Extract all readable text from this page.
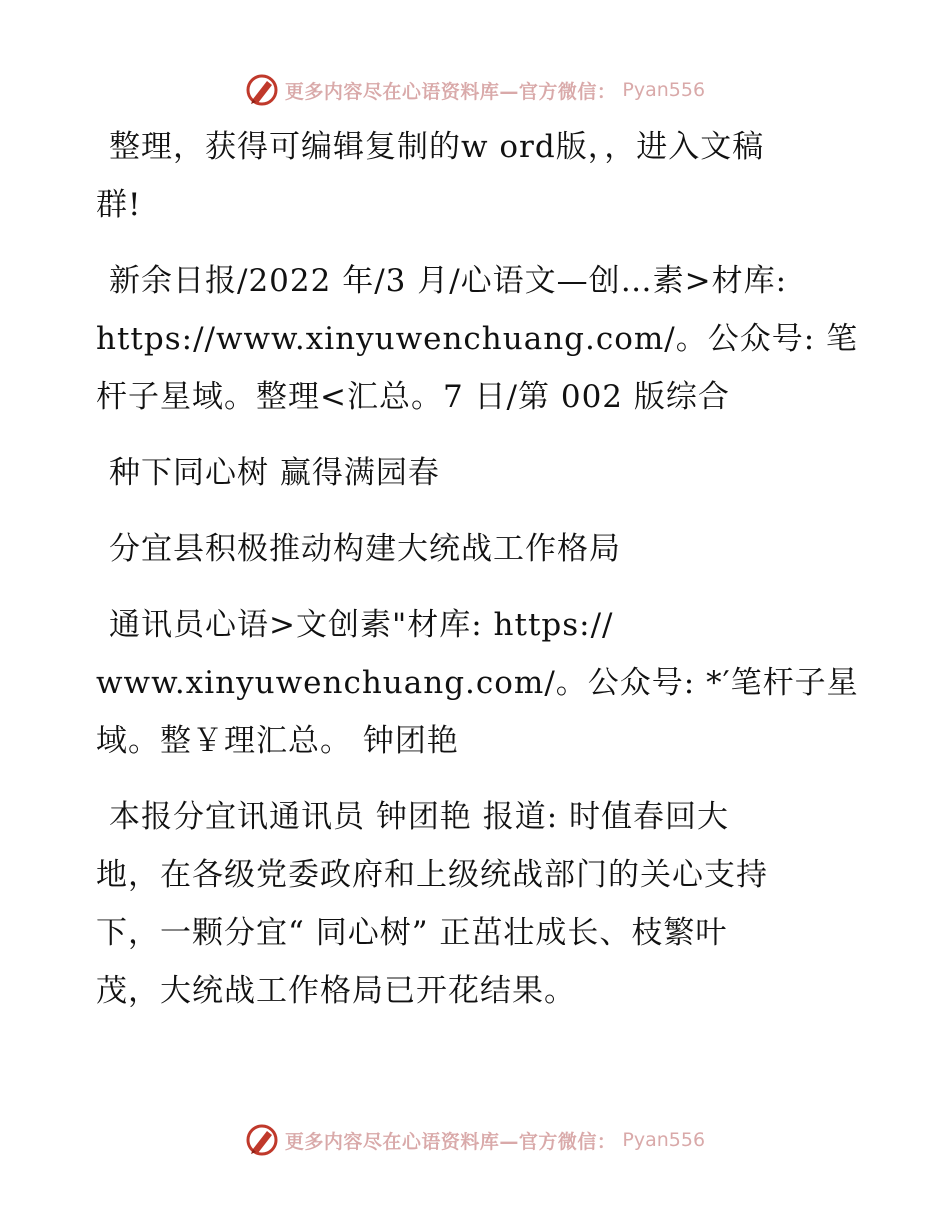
更多内容尽在心语资料库—官方微信： Pyan556
整理，获得可编辑复制的w ord版，，进入文稿
群!
新余日报/2022 年/3 月/心语文—创…素>材库:
https://www.xinyuwenchuang.com/。公众号: 笔
杆子星域。整理<汇总。7 日/第 002 版综合
种下同心树 赢得满园春
分宜县积极推动构建大统战工作格局
通讯员心语>文创素"材库: https://
www.xinyuwenchuang.com/。公众号: *′笔杆子星
域。整￥理汇总。 钟团艳
本报分宜讯通讯员 钟团艳 报道: 时值春回大
地，在各级党委政府和上级统战部门的关心支持
下，一颗分宜“ 同心树” 正茁壮成长、枝繁叶
茂，大统战工作格局已开花结果。
更多内容尽在心语资料库—官方微信： Pyan556
